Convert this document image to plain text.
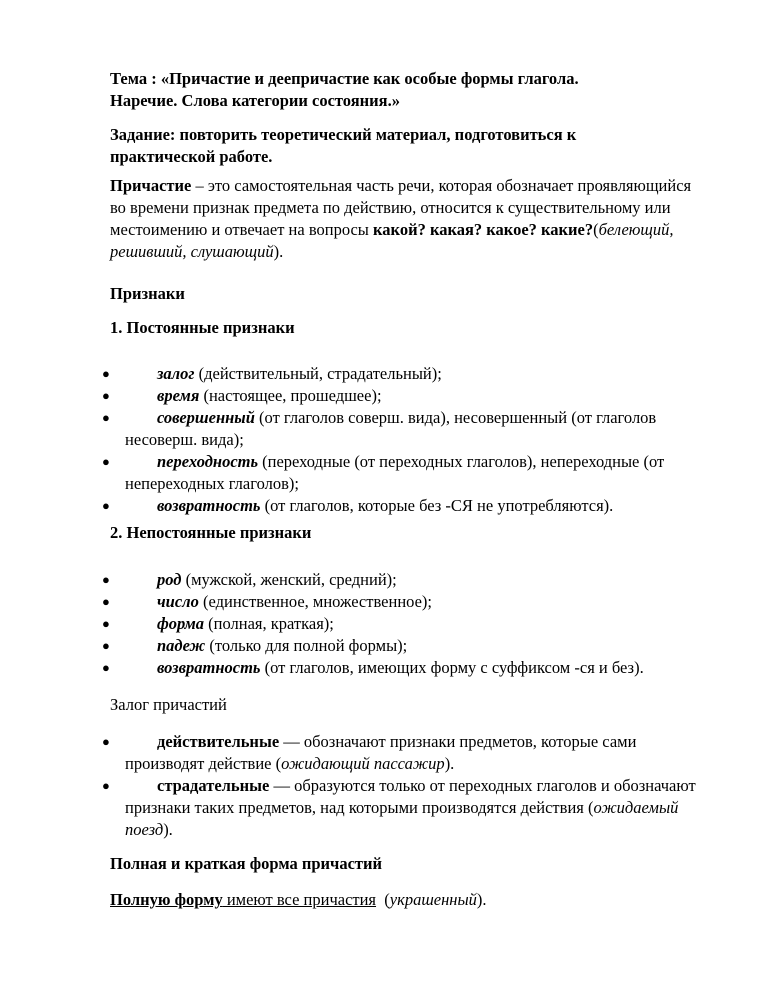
Тема : «Причастие и деепричастие как особые формы глагола.
Наречие. Слова категории состояния.»

Задание: повторить теоретический материал, подготовиться к
практической работе.

Причастие – это самостоятельная часть речи, которая обозначает проявляющийся во времени признак предмета по действию, относится к существительному или местоимению и отвечает на вопросы какой? какая? какое? какие?(белеющий, решивший, слушающий).

Признаки

1. Постоянные признаки

●	залог (действительный, страдательный);
●	время (настоящее, прошедшее);
●	совершенный (от глаголов соверш. вида), несовершенный (от глаголов несоверш. вида);
●	переходность (переходные (от переходных глаголов), непереходные (от непереходных глаголов);
●	возвратность (от глаголов, которые без -СЯ не употребляются).

2. Непостоянные признаки

●	род (мужской, женский, средний);
●	число (единственное, множественное);
●	форма (полная, краткая);
●	падеж (только для полной формы);
●	возвратность (от глаголов, имеющих форму с суффиксом -ся и без).

Залог причастий

●	действительные — обозначают признаки предметов, которые сами производят действие (ожидающий пассажир).
●	страдательные — образуются только от переходных глаголов и обозначают признаки таких предметов, над которыми производятся действия (ожидаемый поезд).

Полная и краткая форма причастий

Полную форму имеют все причастия  (украшенный).
